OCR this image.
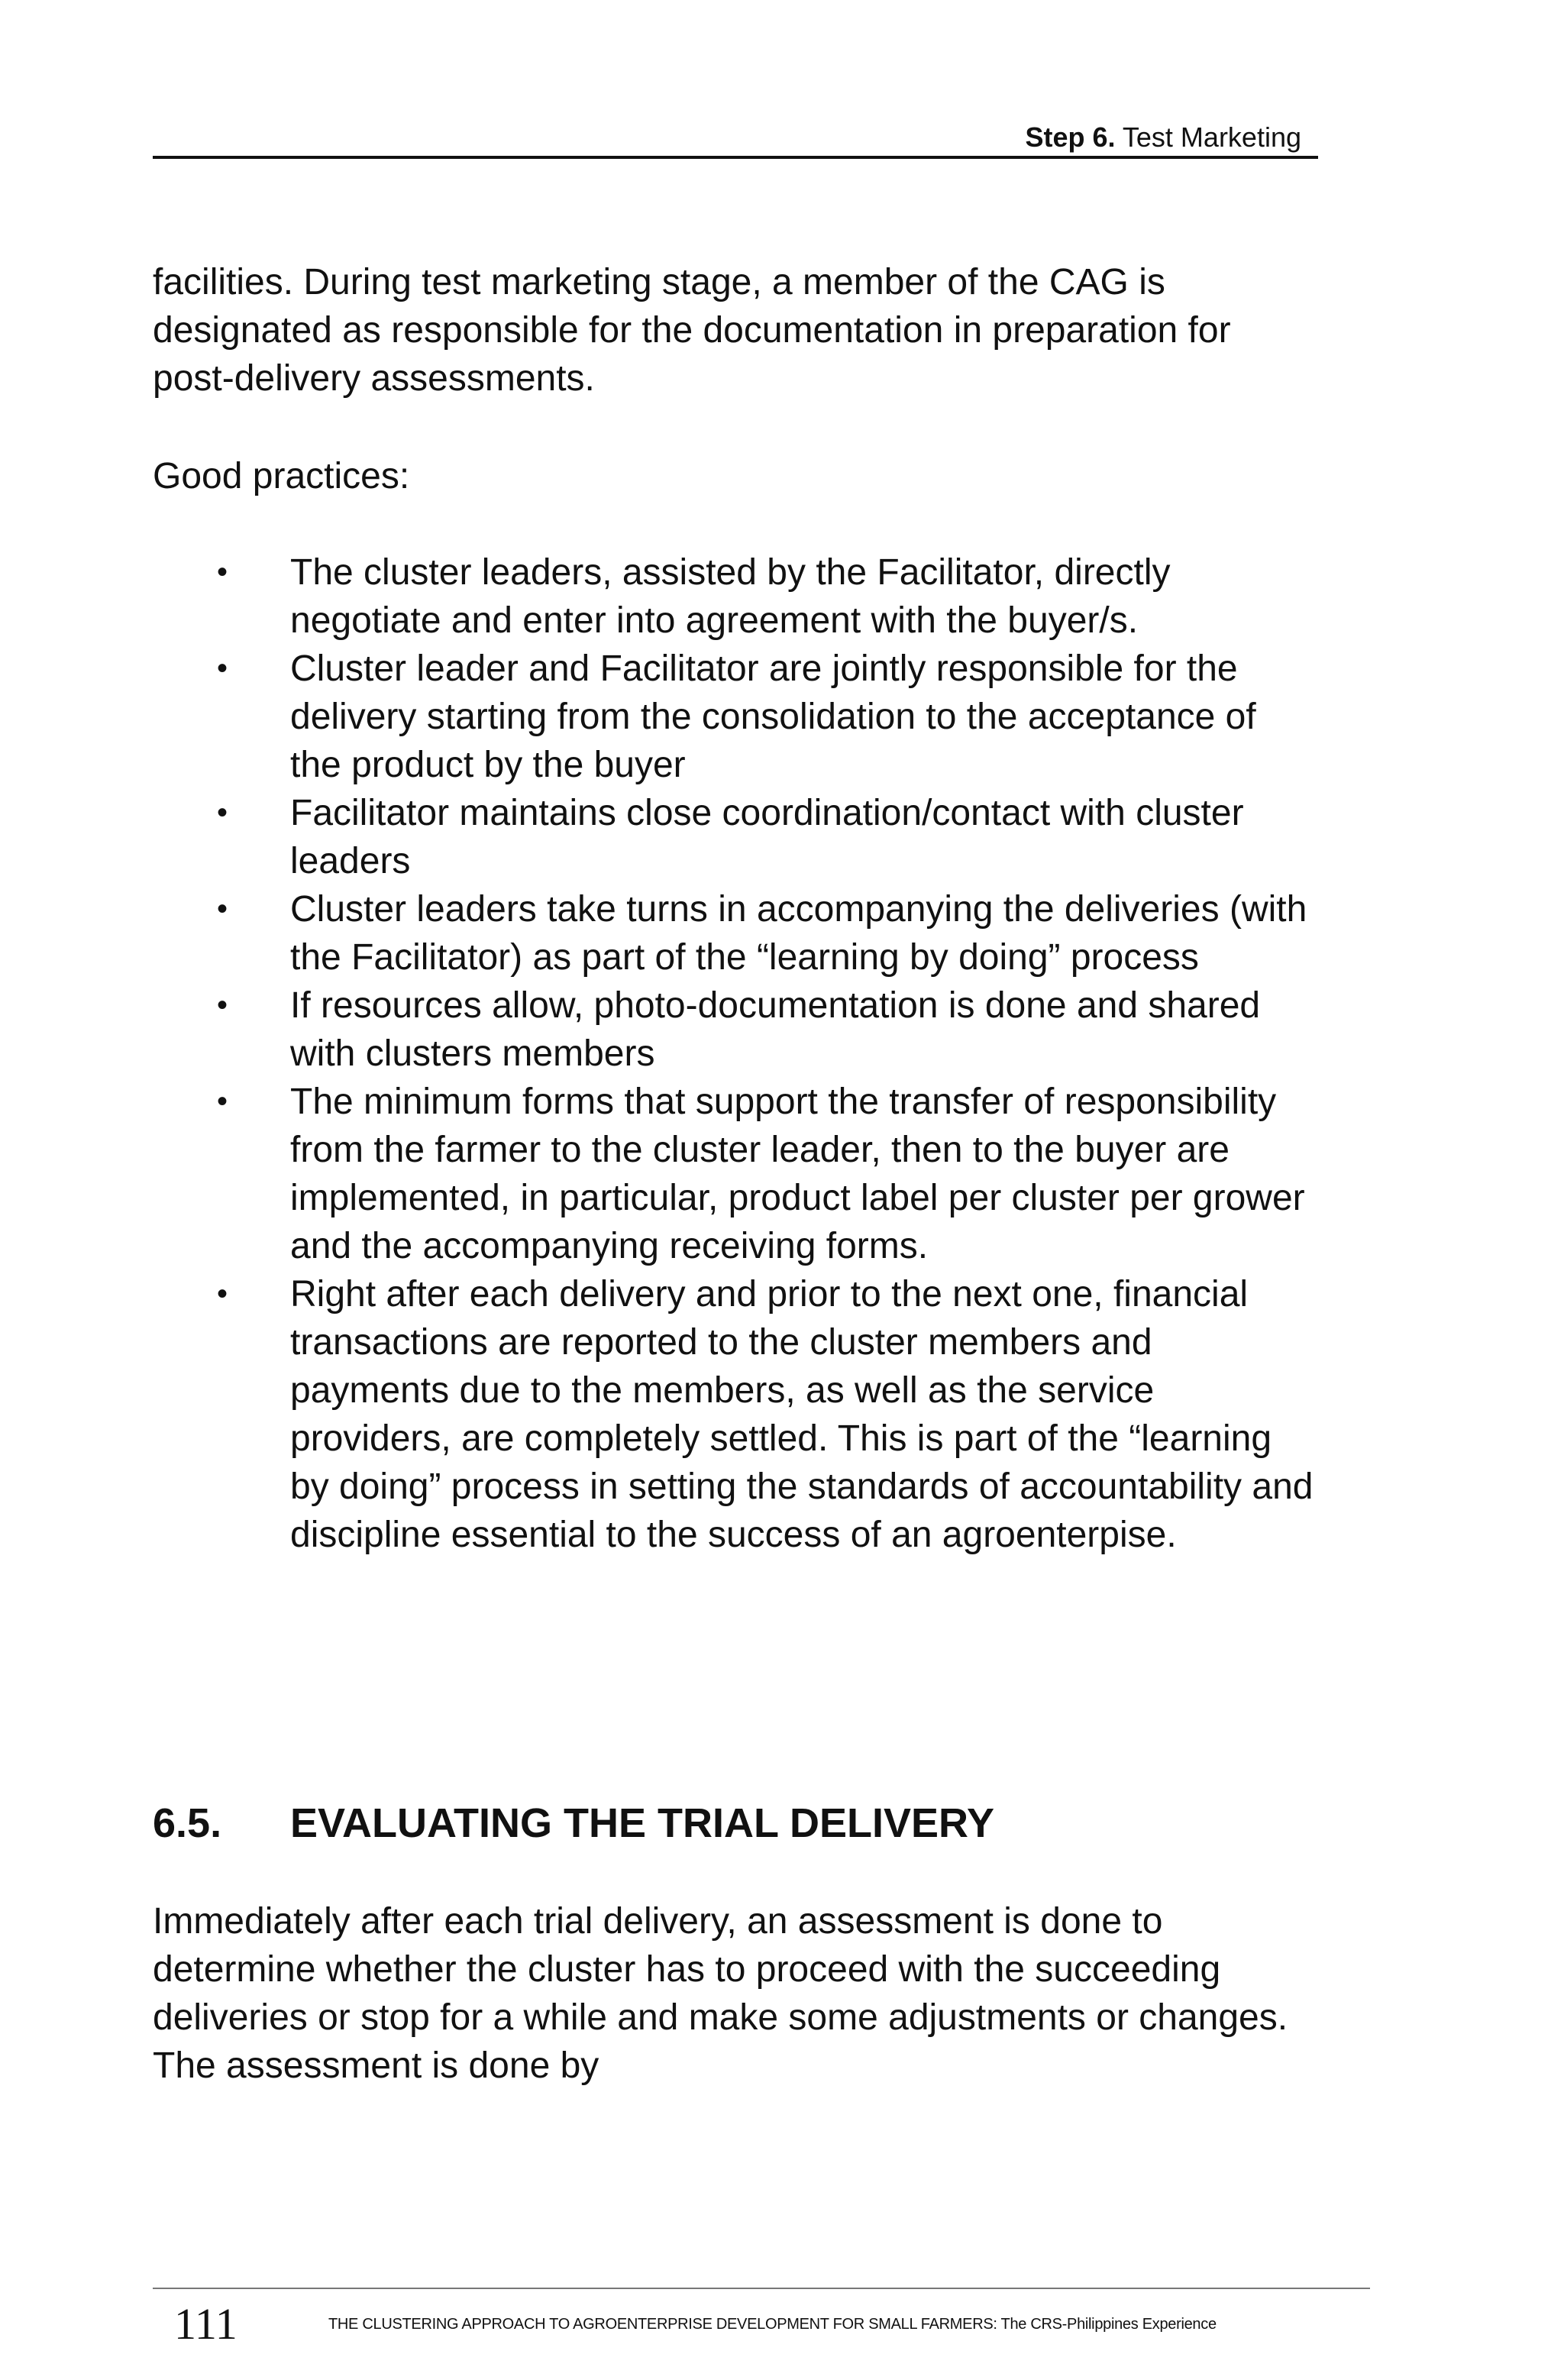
Step 6. Test Marketing
facilities. During test marketing stage, a member of the CAG is designated as responsible for the documentation in preparation for post-delivery assessments.
Good practices:
• The cluster leaders, assisted by the Facilitator, directly negotiate and enter into agreement with the buyer/s.
• Cluster leader and Facilitator are jointly responsible for the delivery starting from the consolidation to the acceptance of the product by the buyer
• Facilitator maintains close coordination/contact with cluster leaders
• Cluster leaders take turns in accompanying the deliveries (with the Facilitator) as part of the “learning by doing” process
• If resources allow, photo-documentation is done and shared with clusters members
• The minimum forms that support the transfer of responsibility from the farmer to the cluster leader, then to the buyer are implemented, in particular, product label per cluster per grower and the accompanying receiving forms.
• Right after each delivery and prior to the next one, financial transactions are reported to the cluster members and payments due to the members, as well as the service providers, are completely settled. This is part of the “learning by doing” process in setting the standards of accountability and discipline essential to the success of an agroenterpise.
6.5. EVALUATING THE TRIAL DELIVERY
Immediately after each trial delivery, an assessment is done to determine whether the cluster has to proceed with the succeeding deliveries or stop for a while and make some adjustments or changes. The assessment is done by
111	THE CLUSTERING APPROACH TO AGROENTERPRISE DEVELOPMENT FOR SMALL FARMERS: The CRS-Philippines Experience
